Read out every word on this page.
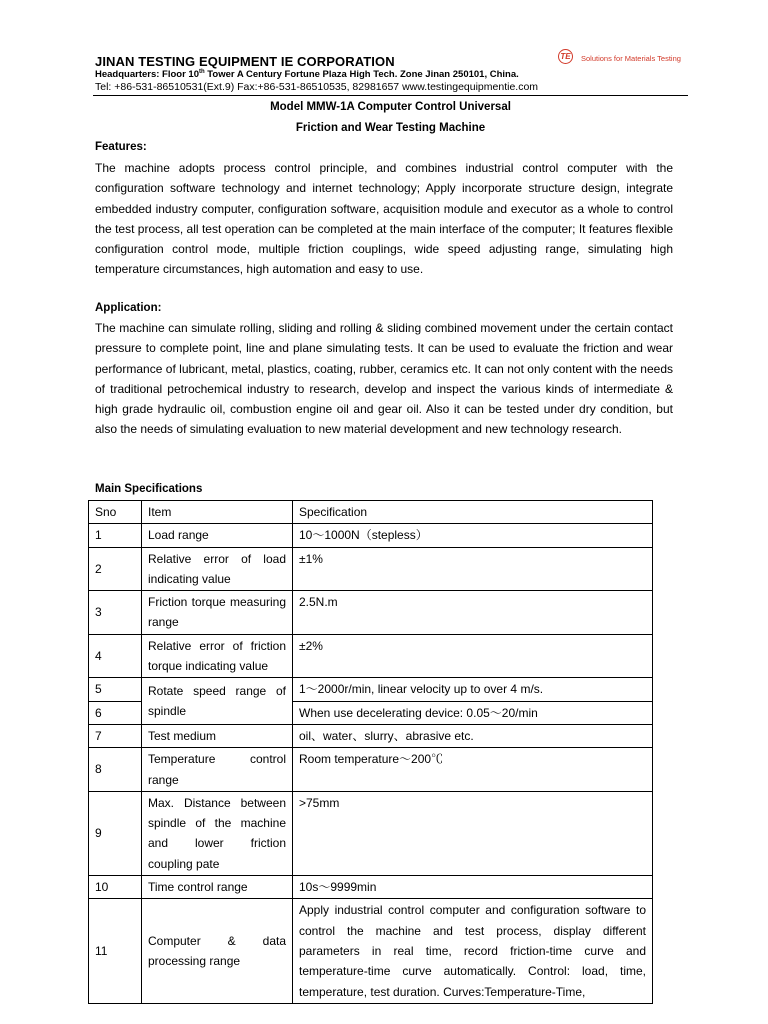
JINAN TESTING EQUIPMENT IE CORPORATION
Headquarters: Floor 10th Tower A Century Fortune Plaza High Tech. Zone Jinan 250101, China.
Tel: +86-531-86510531(Ext.9) Fax:+86-531-86510535, 82981657 www.testingequipmentie.com
TE	Solutions for Materials Testing
Model MMW-1A Computer Control Universal
Friction and Wear Testing Machine
Features:
The machine adopts process control principle, and combines industrial control computer with the configuration software technology and internet technology; Apply incorporate structure design, integrate embedded industry computer, configuration software, acquisition module and executor as a whole to control the test process, all test operation can be completed at the main interface of the computer; It features flexible configuration control mode, multiple friction couplings, wide speed adjusting range, simulating high temperature circumstances, high automation and easy to use.
Application:
The machine can simulate rolling, sliding and rolling & sliding combined movement under the certain contact pressure to complete point, line and plane simulating tests. It can be used to evaluate the friction and wear performance of lubricant, metal, plastics, coating, rubber, ceramics etc. It can not only content with the needs of traditional petrochemical industry to research, develop and inspect the various kinds of intermediate & high grade hydraulic oil, combustion engine oil and gear oil. Also it can be tested under dry condition, but also the needs of simulating evaluation to new material development and new technology research.
Main Specifications
Sno	Item	Specification
1	Load range	10～1000N（stepless）
2	Relative error of load indicating value	±1%
3	Friction torque measuring range	2.5N.m
4	Relative error of friction torque indicating value	±2%
5	Rotate speed range of spindle	1～2000r/min, linear velocity up to over 4 m/s.
6		When use decelerating device: 0.05～20/min
7	Test medium	oil、water、slurry、abrasive etc.
8	Temperature control range	Room temperature～200℃
9	Max. Distance between spindle of the machine and lower friction coupling pate	>75mm
10	Time control range	10s～9999min
11	Computer & data processing range	Apply industrial control computer and configuration software to control the machine and test process, display different parameters in real time, record friction-time curve and temperature-time curve automatically. Control: load, time, temperature, test duration. Curves:Temperature-Time,
